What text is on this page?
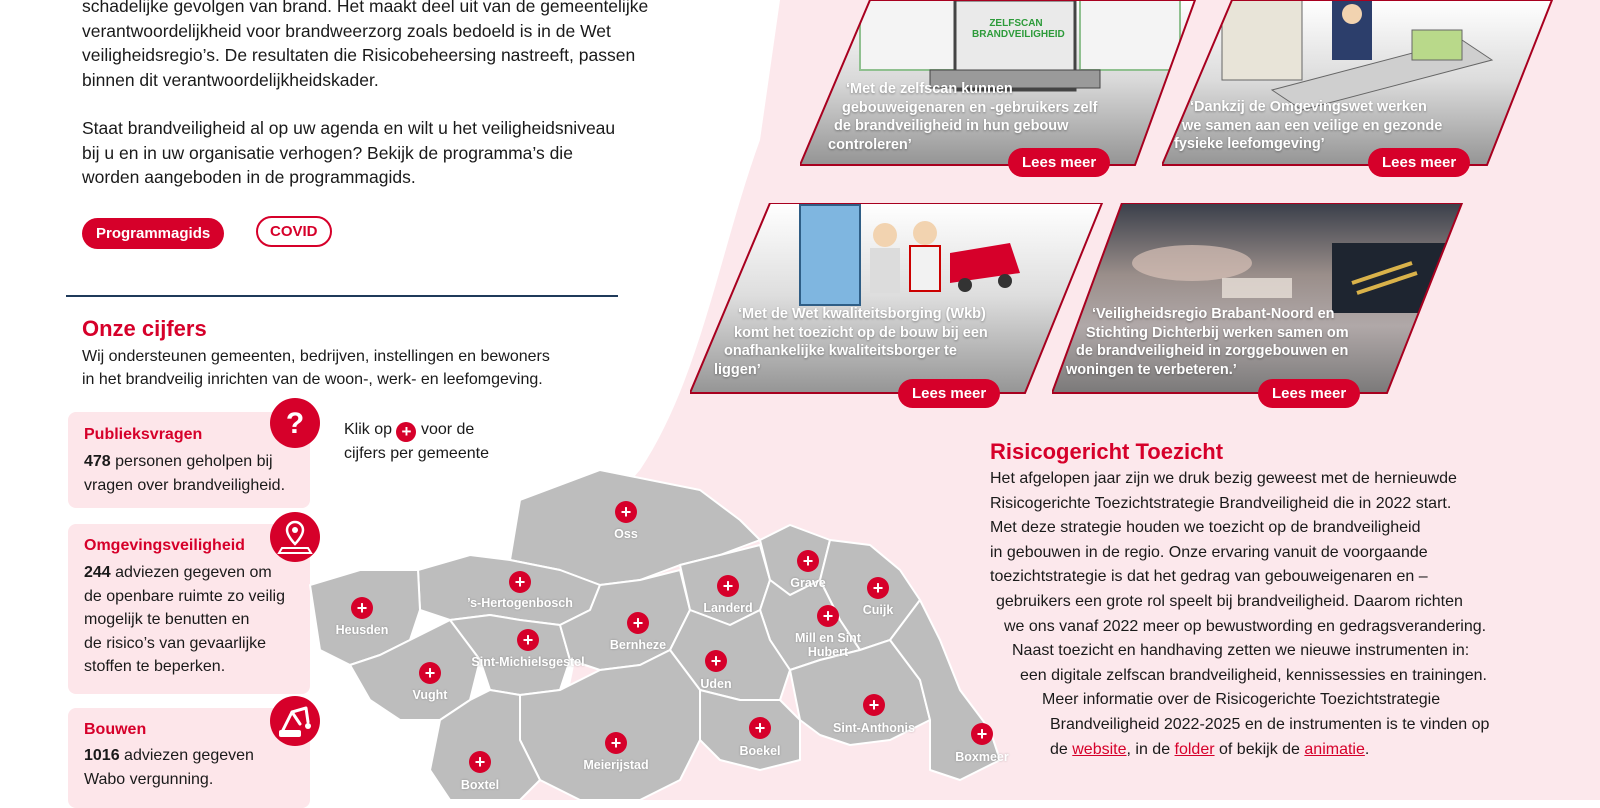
schadelijke gevolgen van brand. Het maakt deel uit van de gemeentelijke

verantwoordelijkheid voor brandweerzorg zoals bedoeld is in de Wet

veiligheidsregio’s. De resultaten die Risicobeheersing nastreeft, passen

binnen dit verantwoordelijkheidskader.

Staat brandveiligheid al op uw agenda en wilt u het veiligheidsniveau

bij u en in uw organisatie verhogen? Bekijk de programma’s die

worden aangeboden in de programmagids.

Programmagids	COVID
Onze cijfers
Wij ondersteunen gemeenten, bedrijven, instellingen en bewoners
in het brandveilig inrichten van de woon-, werk- en leefomgeving.
Publieksvragen
478 personen geholpen bij
vragen over brandveiligheid.
?
Omgevingsveiligheid
244 adviezen gegeven om
de openbare ruimte zo veilig
mogelijk te benutten en
de risico’s van gevaarlijke
stoffen te beperken.
Bouwen
1016 adviezen gegeven
Wabo vergunning.
Klik op + voor de
cijfers per gemeente
+
Oss
+
’s-Hertogenbosch
+
Heusden	+
Sint-Michielsgestel
+
Vught
+
Bernheze
+
Landerd
+
Grave	+
Cuijk
+
Mill en Sint Hubert
+
Uden
+
Sint-Anthonis
+
Boekel
+
Meierijstad
+
Boxtel
+
Boxmeer
ZELFSCAN BRANDVEILIGHEID
‘Met de zelfscan kunnen
gebouweigenaren en -gebruikers zelf
de brandveiligheid in hun gebouw
controleren’
Lees meer
‘Dankzij de Omgevingswet werken
we samen aan een veilige en gezonde
fysieke leefomgeving’
Lees meer
‘Met de Wet kwaliteitsborging (Wkb)
komt het toezicht op de bouw bij een
onafhankelijke kwaliteitsborger te
liggen’
Lees meer
‘Veiligheidsregio Brabant-Noord en
Stichting Dichterbij werken samen om
de brandveiligheid in zorggebouwen en
woningen te verbeteren.’
Lees meer
Risicogericht Toezicht

Het afgelopen jaar zijn we druk bezig geweest met de hernieuwde

Risicogerichte Toezichtstrategie Brandveiligheid die in 2022 start.

Met deze strategie houden we toezicht op de brandveiligheid

in gebouwen in de regio. Onze ervaring vanuit de voorgaande

toezichtstrategie is dat het gedrag van gebouweigenaren en –

gebruikers een grote rol speelt bij brandveiligheid. Daarom richten

we ons vanaf 2022 meer op bewustwording en gedragsverandering.

Naast toezicht en handhaving zetten we nieuwe instrumenten in:

een digitale zelfscan brandveiligheid, kennissessies en trainingen.

Meer informatie over de Risicogerichte Toezichtstrategie

Brandveiligheid 2022-2025 en de instrumenten is te vinden op

de website, in de folder of bekijk de animatie.
